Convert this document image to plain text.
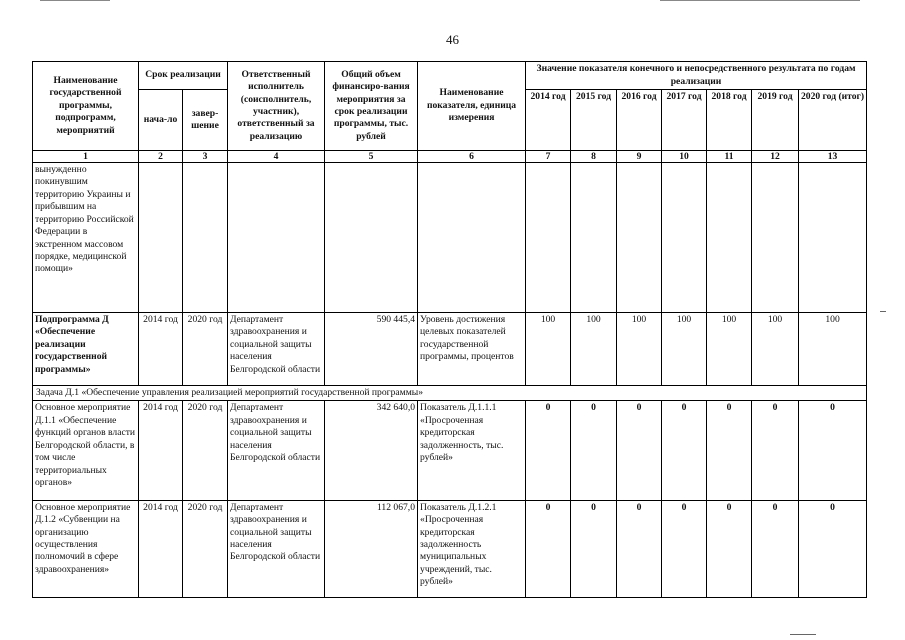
46
Наименование государственной программы, подпрограмм, мероприятий	Срок реализации		Ответственный исполнитель (соисполнитель, участник), ответственный за реализацию	Общий объем финансиро-вания мероприятия за срок реализации программы, тыс. рублей	Наименование показателя, единица измерения	Значение показателя конечного и непосредственного результата по годам реализации						
	нача-ло	завер-шение				2014 год	2015 год	2016 год	2017 год	2018 год	2019 год	2020 год (итог)
1	2	3	4	5	6	7	8	9	10	11	12	13
вынужденно покинувшим территорию Украины и прибывшим на территорию Российской Федерации в экстренном массовом порядке, медицинской помощи»												
Подпрограмма Д «Обеспечение реализации государственной программы»	2014 год	2020 год	Департамент здравоохранения и социальной защиты населения Белгородской области	590 445,4	Уровень достижения целевых показателей государственной программы, процентов	100	100	100	100	100	100	100
Задача Д.1 «Обеспечение управления реализацией мероприятий государственной программы»												
Основное мероприятие Д.1.1 «Обеспечение функций органов власти Белгородской области, в том числе территориальных органов»	2014 год	2020 год	Департамент здравоохранения и социальной защиты населения Белгородской области	342 640,0	Показатель Д.1.1.1 «Просроченная кредиторская задолженность, тыс. рублей»	0	0	0	0	0	0	0
Основное мероприятие Д.1.2 «Субвенции на организацию осуществления полномочий в сфере здравоохранения»	2014 год	2020 год	Департамент здравоохранения и социальной защиты населения Белгородской области	112 067,0	Показатель Д.1.2.1 «Просроченная кредиторская задолженность муниципальных учреждений, тыс. рублей»	0	0	0	0	0	0	0
